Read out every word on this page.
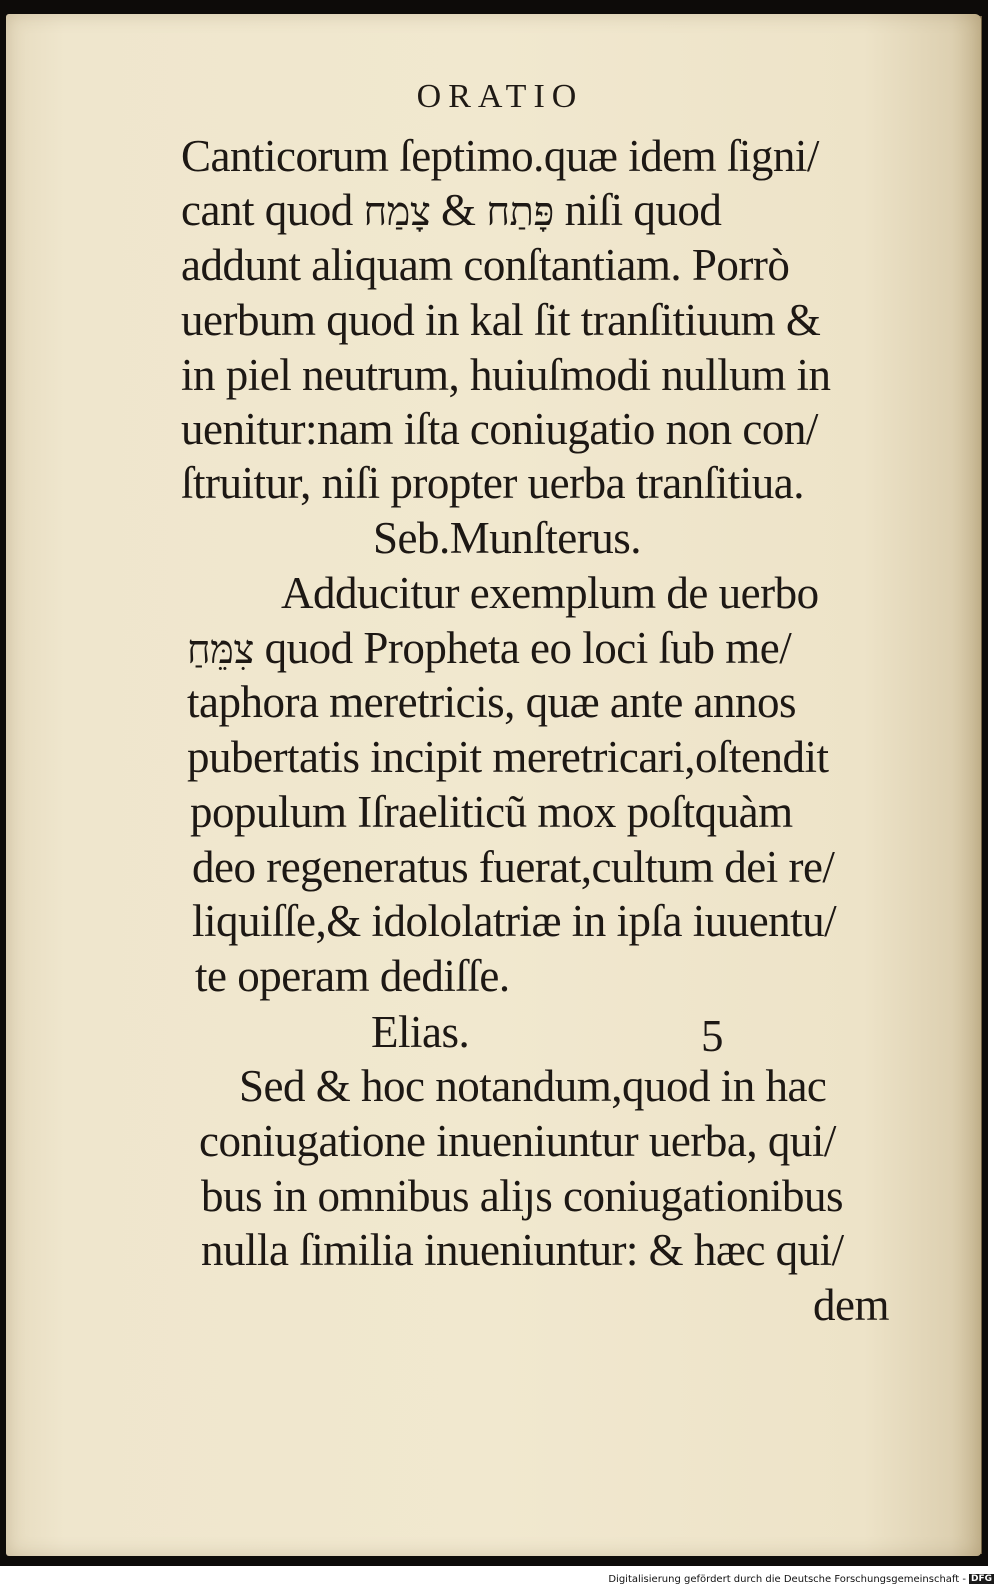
ORATIO
Canticorum ſeptimo.quæ idem ſigni/
cant quod	פָּתַח & צָמַח	niſi quod
addunt aliquam conſtantiam. Porrò
uerbum quod in kal ſit tranſitiuum &
in piel neutrum, huiuſmodi nullum in
uenitur:nam iſta coniugatio non con/
ſtruitur, niſi propter uerba tranſitiua.
Seb.Munſterus.
Adducitur exemplum de uerbo
צִמֵּחַ quod Propheta eo loci ſub me/
taphora meretricis, quæ ante annos
pubertatis incipit meretricari,oſtendit
populum Iſraeliticũ mox poſtquàm
deo regeneratus fuerat,cultum dei re/
liquiſſe,& idololatriæ in ipſa iuuentu/
te operam dediſſe.
Elias.	5
Sed & hoc notandum,quod in hac
coniugatione inueniuntur uerba, qui/
bus in omnibus aliȷs coniugationibus
nulla ſimilia inueniuntur: & hæc qui/
dem
Digitalisierung gefördert durch die Deutsche Forschungsgemeinschaft - DFG
